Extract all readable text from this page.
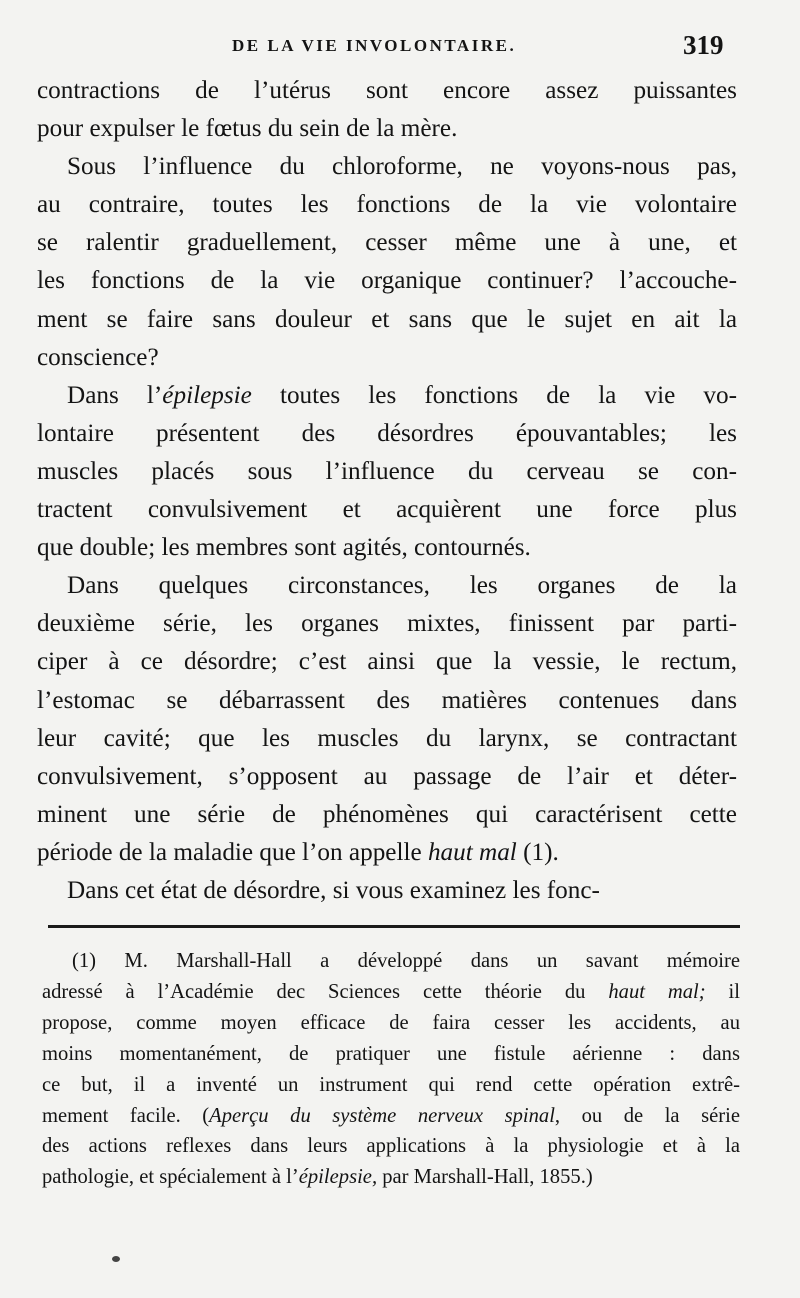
DE LA VIE INVOLONTAIRE.	319
contractions de l’utérus sont encore assez puissantes
pour expulser le fœtus du sein de la mère.
Sous l’influence du chloroforme, ne voyons-nous pas,
au contraire, toutes les fonctions de la vie volontaire
se ralentir graduellement, cesser même une à une, et
les fonctions de la vie organique continuer? l’accouche-
ment se faire sans douleur et sans que le sujet en ait la
conscience?
Dans l’épilepsie toutes les fonctions de la vie vo-
lontaire présentent des désordres épouvantables; les
muscles placés sous l’influence du cerveau se con-
tractent convulsivement et acquièrent une force plus
que double; les membres sont agités, contournés.
Dans quelques circonstances, les organes de la
deuxième série, les organes mixtes, finissent par parti-
ciper à ce désordre; c’est ainsi que la vessie, le rectum,
l’estomac se débarrassent des matières contenues dans
leur cavité; que les muscles du larynx, se contractant
convulsivement, s’opposent au passage de l’air et déter-
minent une série de phénomènes qui caractérisent cette
période de la maladie que l’on appelle haut mal (1).
Dans cet état de désordre, si vous examinez les fonc-
(1) M. Marshall-Hall a développé dans un savant mémoire
adressé à l’Académie dec Sciences cette théorie du haut mal; il
propose, comme moyen efficace de faira cesser les accidents, au
moins momentanément, de pratiquer une fistule aérienne : dans
ce but, il a inventé un instrument qui rend cette opération extrê-
mement facile. (Aperçu du système nerveux spinal, ou de la série
des actions reflexes dans leurs applications à la physiologie et à la
pathologie, et spécialement à l’épilepsie, par Marshall-Hall, 1855.)
